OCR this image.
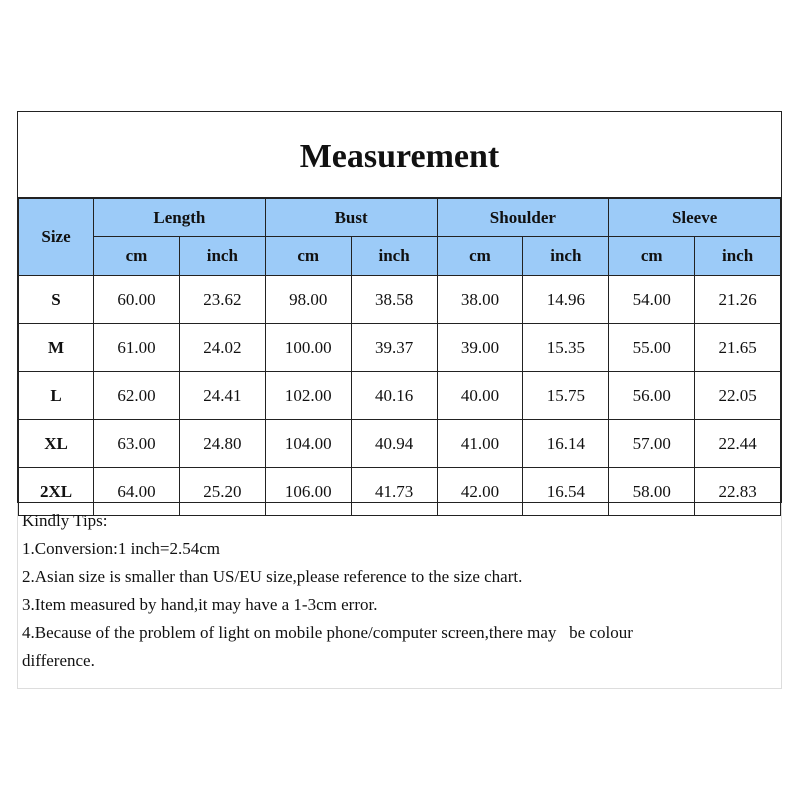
Measurement
Size	Length		Bust		Shoulder		Sleeve	
	cm	inch	cm	inch	cm	inch	cm	inch
S	60.00	23.62	98.00	38.58	38.00	14.96	54.00	21.26
M	61.00	24.02	100.00	39.37	39.00	15.35	55.00	21.65
L	62.00	24.41	102.00	40.16	40.00	15.75	56.00	22.05
XL	63.00	24.80	104.00	40.94	41.00	16.14	57.00	22.44
2XL	64.00	25.20	106.00	41.73	42.00	16.54	58.00	22.83
Kindly Tips:
1.Conversion:1 inch=2.54cm
2.Asian size is smaller than US/EU size,please reference to the size chart.
3.Item measured by hand,it may have a 1-3cm error.
4.Because of the problem of light on mobile phone/computer screen,there may   be colour
difference.
